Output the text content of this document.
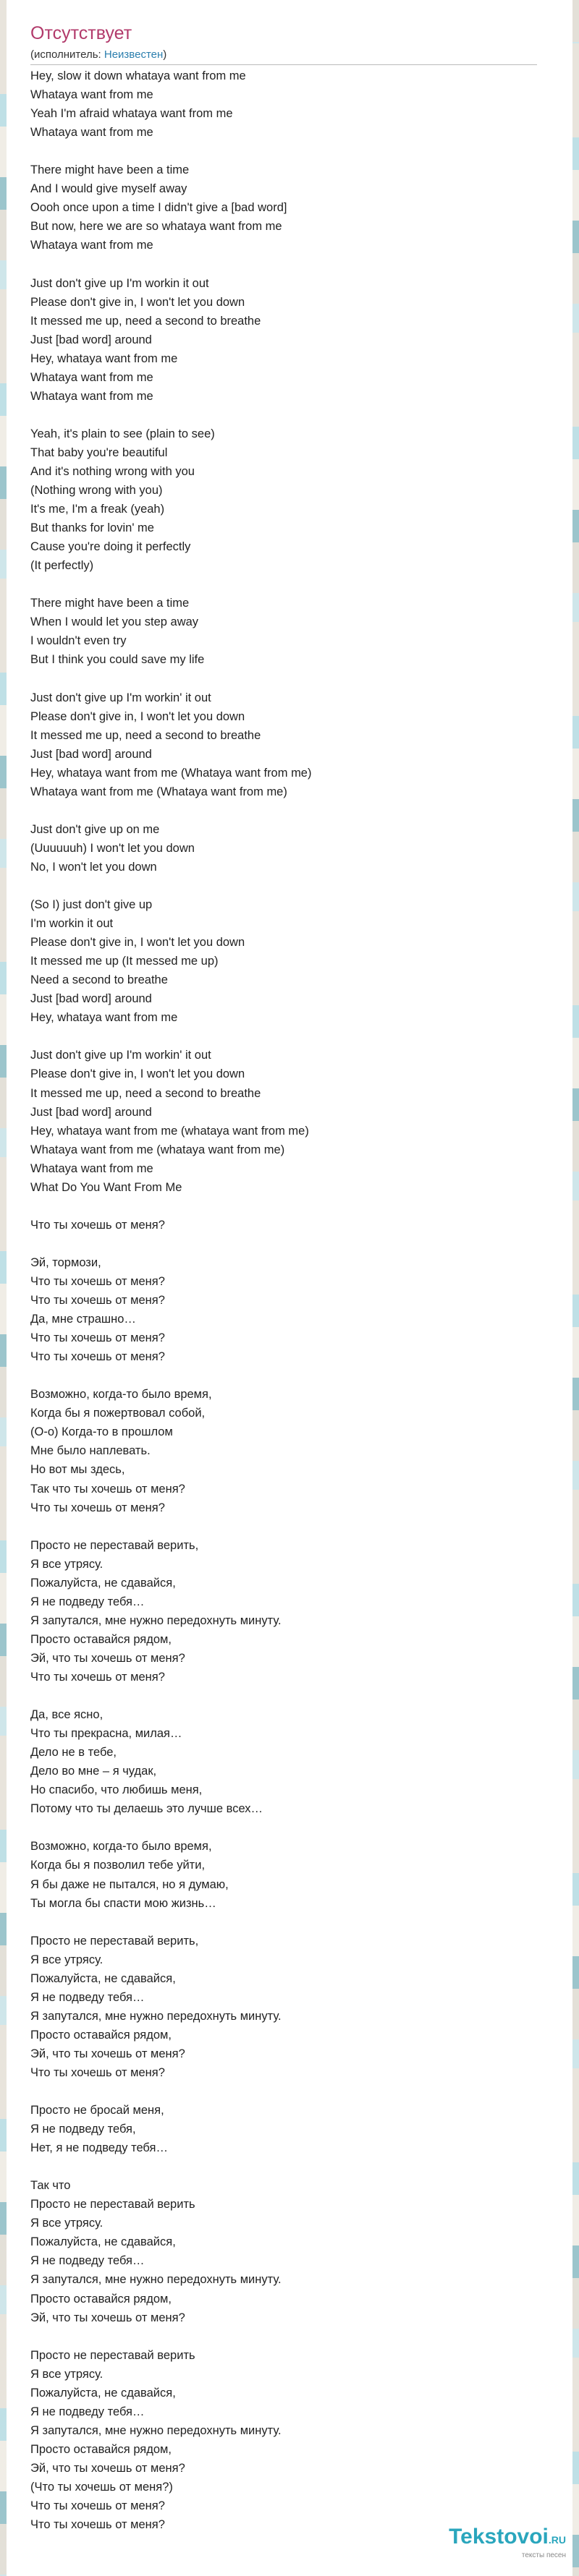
Отсутствует
(исполнитель: Неизвестен)
Hey, slow it down whataya want from me
Whataya want from me
Yeah I'm afraid whataya want from me
Whataya want from me
There might have been a time
And I would give myself away
Oooh once upon a time I didn't give a [bad word]
But now, here we are so whataya want from me
Whataya want from me
Just don't give up I'm workin it out
Please don't give in, I won't let you down
It messed me up, need a second to breathe
Just [bad word] around
Hey, whataya want from me
Whataya want from me
Whataya want from me
Yeah, it's plain to see (plain to see)
That baby you're beautiful
And it's nothing wrong with you
(Nothing wrong with you)
It's me, I'm a freak (yeah)
But thanks for lovin' me
Cause you're doing it perfectly
(It perfectly)
There might have been a time
When I would let you step away
I wouldn't even try
But I think you could save my life
Just don't give up I'm workin' it out
Please don't give in, I won't let you down
It messed me up, need a second to breathe
Just [bad word] around
Hey, whataya want from me (Whataya want from me)
Whataya want from me (Whataya want from me)
Just don't give up on me
(Uuuuuuh) I won't let you down
No, I won't let you down
(So I) just don't give up
I'm workin it out
Please don't give in, I won't let you down
It messed me up (It messed me up)
Need a second to breathe
Just [bad word] around
Hey, whataya want from me
Just don't give up I'm workin' it out
Please don't give in, I won't let you down
It messed me up, need a second to breathe
Just [bad word] around
Hey, whataya want from me (whataya want from me)
Whataya want from me (whataya want from me)
Whataya want from me
What Do You Want From Me
Что ты хочешь от меня?
Эй, тормози,
Что ты хочешь от меня?
Что ты хочешь от меня?
Да, мне страшно…
Что ты хочешь от меня?
Что ты хочешь от меня?
Возможно, когда-то было время,
Когда бы я пожертвовал собой,
(О-о) Когда-то в прошлом
Мне было наплевать.
Но вот мы здесь,
Так что ты хочешь от меня?
Что ты хочешь от меня?
Просто не переставай верить,
Я все утрясу.
Пожалуйста, не сдавайся,
Я не подведу тебя…
Я запутался, мне нужно передохнуть минуту.
Просто оставайся рядом,
Эй, что ты хочешь от меня?
Что ты хочешь от меня?
Да, все ясно,
Что ты прекрасна, милая…
Дело не в тебе,
Дело во мне – я чудак,
Но спасибо, что любишь меня,
Потому что ты делаешь это лучше всех…
Возможно, когда-то было время,
Когда бы я позволил тебе уйти,
Я бы даже не пытался, но я думаю,
Ты могла бы спасти мою жизнь…
Просто не переставай верить,
Я все утрясу.
Пожалуйста, не сдавайся,
Я не подведу тебя…
Я запутался, мне нужно передохнуть минуту.
Просто оставайся рядом,
Эй, что ты хочешь от меня?
Что ты хочешь от меня?
Просто не бросай меня,
Я не подведу тебя,
Нет, я не подведу тебя…
Так что
Просто не переставай верить
Я все утрясу.
Пожалуйста, не сдавайся,
Я не подведу тебя…
Я запутался, мне нужно передохнуть минуту.
Просто оставайся рядом,
Эй, что ты хочешь от меня?
Просто не переставай верить
Я все утрясу.
Пожалуйста, не сдавайся,
Я не подведу тебя…
Я запутался, мне нужно передохнуть минуту.
Просто оставайся рядом,
Эй, что ты хочешь от меня?
(Что ты хочешь от меня?)
Что ты хочешь от меня?
Что ты хочешь от меня?	Tekstovoi.RU
тексты песен
